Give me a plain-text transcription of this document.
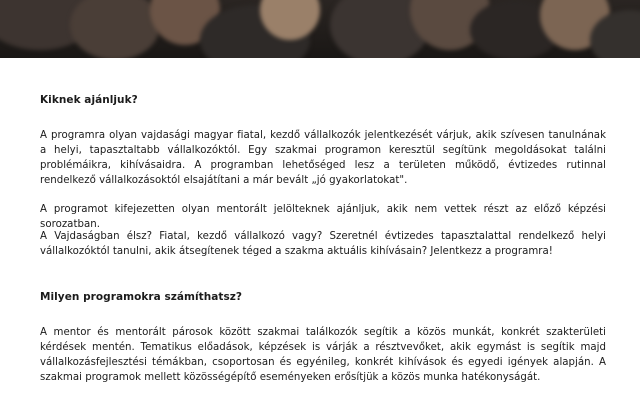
Kiknek ajánljuk?

A programra olyan vajdasági magyar fiatal, kezdő vállalkozók jelentkezését várjuk, akik szívesen tanulnának a helyi, tapasztaltabb vállalkozóktól. Egy szakmai programon keresztül segítünk megoldásokat találni problémáikra, kihívásaidra. A programban lehetőséged lesz a területen működő, évtizedes rutinnal rendelkező vállalkozásoktól elsajátítani a már bevált „jó gyakorlatokat".

A programot kifejezetten olyan mentorált jelölteknek ajánljuk, akik nem vettek részt az előző képzési sorozatban.

A Vajdaságban élsz? Fiatal, kezdő vállalkozó vagy? Szeretnél évtizedes tapasztalattal rendelkező helyi vállalkozóktól tanulni, akik átsegítenek téged a szakma aktuális kihívásain? Jelentkezz a programra!

Milyen programokra számíthatsz?

A mentor és mentorált párosok között szakmai találkozók segítik a közös munkát, konkrét szakterületi kérdések mentén. Tematikus előadások, képzések is várják a résztvevőket, akik egymást is segítik majd vállalkozásfejlesztési témákban, csoportosan és egyénileg, konkrét kihívások és egyedi igények alapján. A szakmai programok mellett közösségépítő eseményeken erősítjük a közös munka hatékonyságát.
